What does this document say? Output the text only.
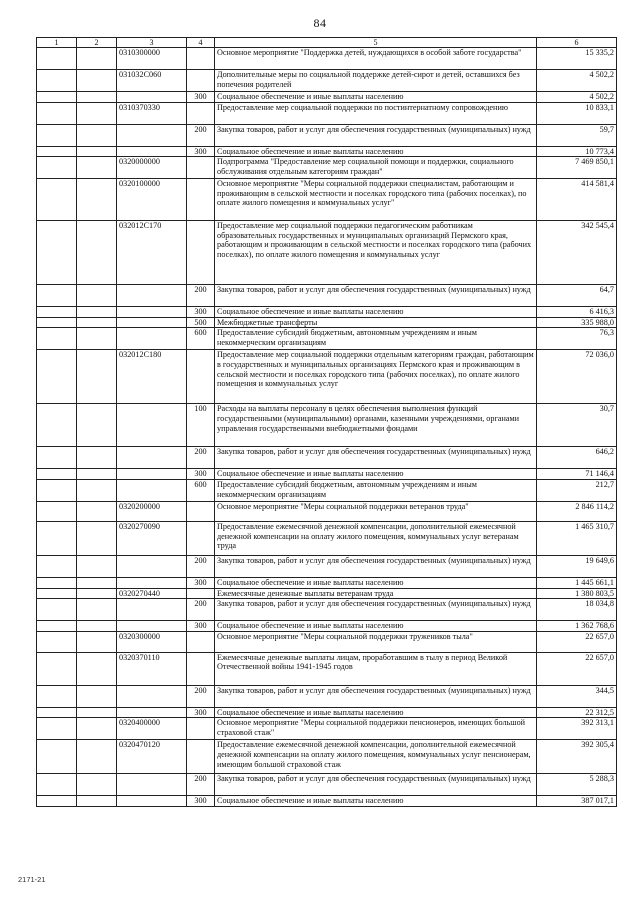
84
1	2	3	4	5	6
		0310300000		Основное мероприятие "Поддержка детей, нуждающихся в особой заботе государства"	15 335,2
		031032С060		Дополнительные меры по социальной поддержке детей-сирот и детей, оставшихся без попечения родителей	4 502,2
			300	Социальное обеспечение и иные выплаты населению	4 502,2
		0310370330		Предоставление мер социальной поддержки по постинтернатному сопровождению	10 833,1
			200	Закупка товаров, работ и услуг для обеспечения государственных (муниципальных) нужд	59,7
			300	Социальное обеспечение и иные выплаты населению	10 773,4
		0320000000		Подпрограмма "Предоставление мер социальной помощи и поддержки, социального обслуживания отдельным категориям граждан"	7 469 850,1
		0320100000		Основное мероприятие "Меры социальной поддержки специалистам, работающим и проживающим в сельской местности и поселках городского типа (рабочих поселках), по оплате жилого помещения и коммунальных услуг"	414 581,4
		032012С170		Предоставление мер социальной поддержки педагогическим работникам образовательных государственных и муниципальных организаций Пермского края, работающим и проживающим в сельской местности и поселках городского типа (рабочих поселках), по оплате жилого помещения и коммунальных услуг	342 545,4
			200	Закупка товаров, работ и услуг для обеспечения государственных (муниципальных) нужд	64,7
			300	Социальное обеспечение и иные выплаты населению	6 416,3
			500	Межбюджетные трансферты	335 988,0
			600	Предоставление субсидий бюджетным, автономным учреждениям и иным некоммерческим организациям	76,3
		032012С180		Предоставление мер социальной поддержки отдельным категориям граждан, работающим в государственных и муниципальных организациях Пермского края и проживающим в сельской местности и поселках городского типа (рабочих поселках), по оплате жилого помещения и коммунальных услуг	72 036,0
			100	Расходы на выплаты персоналу в целях обеспечения выполнения функций государственными (муниципальными) органами, казенными учреждениями, органами управления государственными внебюджетными фондами	30,7
			200	Закупка товаров, работ и услуг для обеспечения государственных (муниципальных) нужд	646,2
			300	Социальное обеспечение и иные выплаты населению	71 146,4
			600	Предоставление субсидий бюджетным, автономным учреждениям и иным некоммерческим организациям	212,7
		0320200000		Основное мероприятие "Меры социальной поддержки ветеранов труда"	2 846 114,2
		0320270090		Предоставление ежемесячной денежной компенсации, дополнительной ежемесячной денежной компенсации на оплату жилого помещения, коммунальных услуг ветеранам труда	1 465 310,7
			200	Закупка товаров, работ и услуг для обеспечения государственных (муниципальных) нужд	19 649,6
			300	Социальное обеспечение и иные выплаты населению	1 445 661,1
		0320270440		Ежемесячные денежные выплаты ветеранам труда	1 380 803,5
			200	Закупка товаров, работ и услуг для обеспечения государственных (муниципальных) нужд	18 034,8
			300	Социальное обеспечение и иные выплаты населению	1 362 768,6
		0320300000		Основное мероприятие "Меры социальной поддержки тружеников тыла"	22 657,0
		0320370110		Ежемесячные денежные выплаты лицам, проработавшим в тылу в период Великой Отечественной войны 1941-1945 годов	22 657,0
			200	Закупка товаров, работ и услуг для обеспечения государственных (муниципальных) нужд	344,5
			300	Социальное обеспечение и иные выплаты населению	22 312,5
		0320400000		Основное мероприятие "Меры социальной поддержки пенсионеров, имеющих большой страховой стаж"	392 313,1
		0320470120		Предоставление ежемесячной денежной компенсации, дополнительной ежемесячной денежной компенсации на оплату жилого помещения, коммунальных услуг пенсионерам, имеющим большой страховой стаж	392 305,4
			200	Закупка товаров, работ и услуг для обеспечения государственных (муниципальных) нужд	5 288,3
			300	Социальное обеспечение и иные выплаты населению	387 017,1
2171-21
